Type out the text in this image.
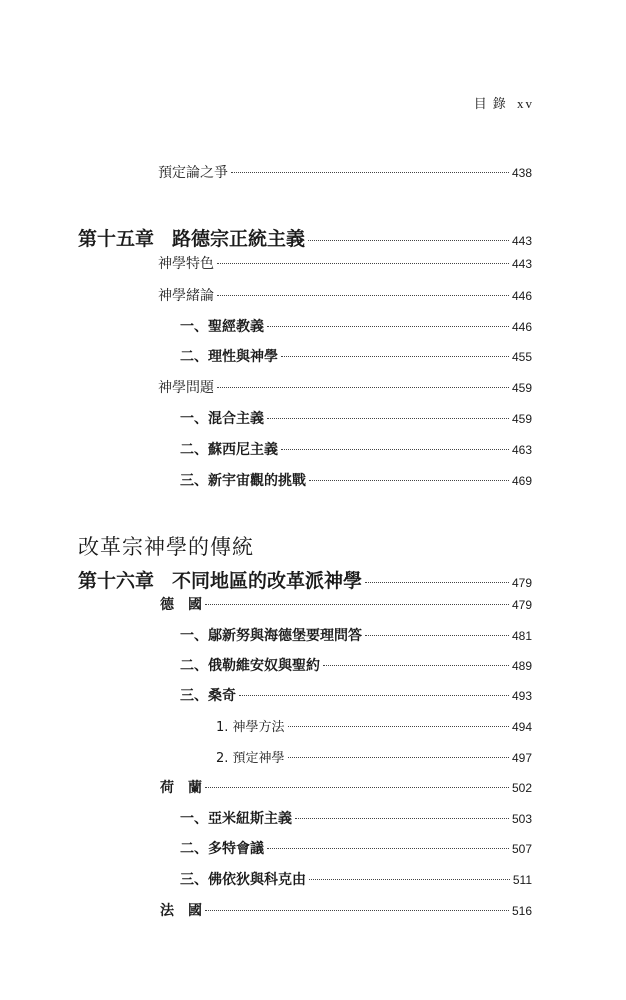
目錄 xv
預定論之爭	438
第十五章 路德宗正統主義	443
神學特色	443
神學緒論	446
一、聖經教義	446
二、理性與神學	455
神學問題	459
一、混合主義	459
二、蘇西尼主義	463
三、新宇宙觀的挑戰	469
改革宗神學的傳統
第十六章 不同地區的改革派神學	479
德　國	479
一、鄔新努與海德堡要理問答	481
二、俄勒維安奴與聖約	489
三、桑奇	493
1. 神學方法	494
2. 預定神學	497
荷　蘭	502
一、亞米紐斯主義	503
二、多特會議	507
三、佛依狄與科克由	511
法　國	516
